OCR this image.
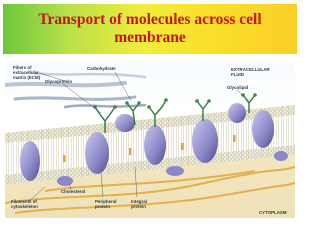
Transport of molecules across cell
membrane
Fibers of
extracellular
matrix (ECM)
Carbohydrate
Glycoprotein
EXTRACELLULAR
FLUID
Glycolipid
Filaments of
cytoskeleton
Cholesterol
Peripheral
protein
Integral
protein
CYTOPLASM
